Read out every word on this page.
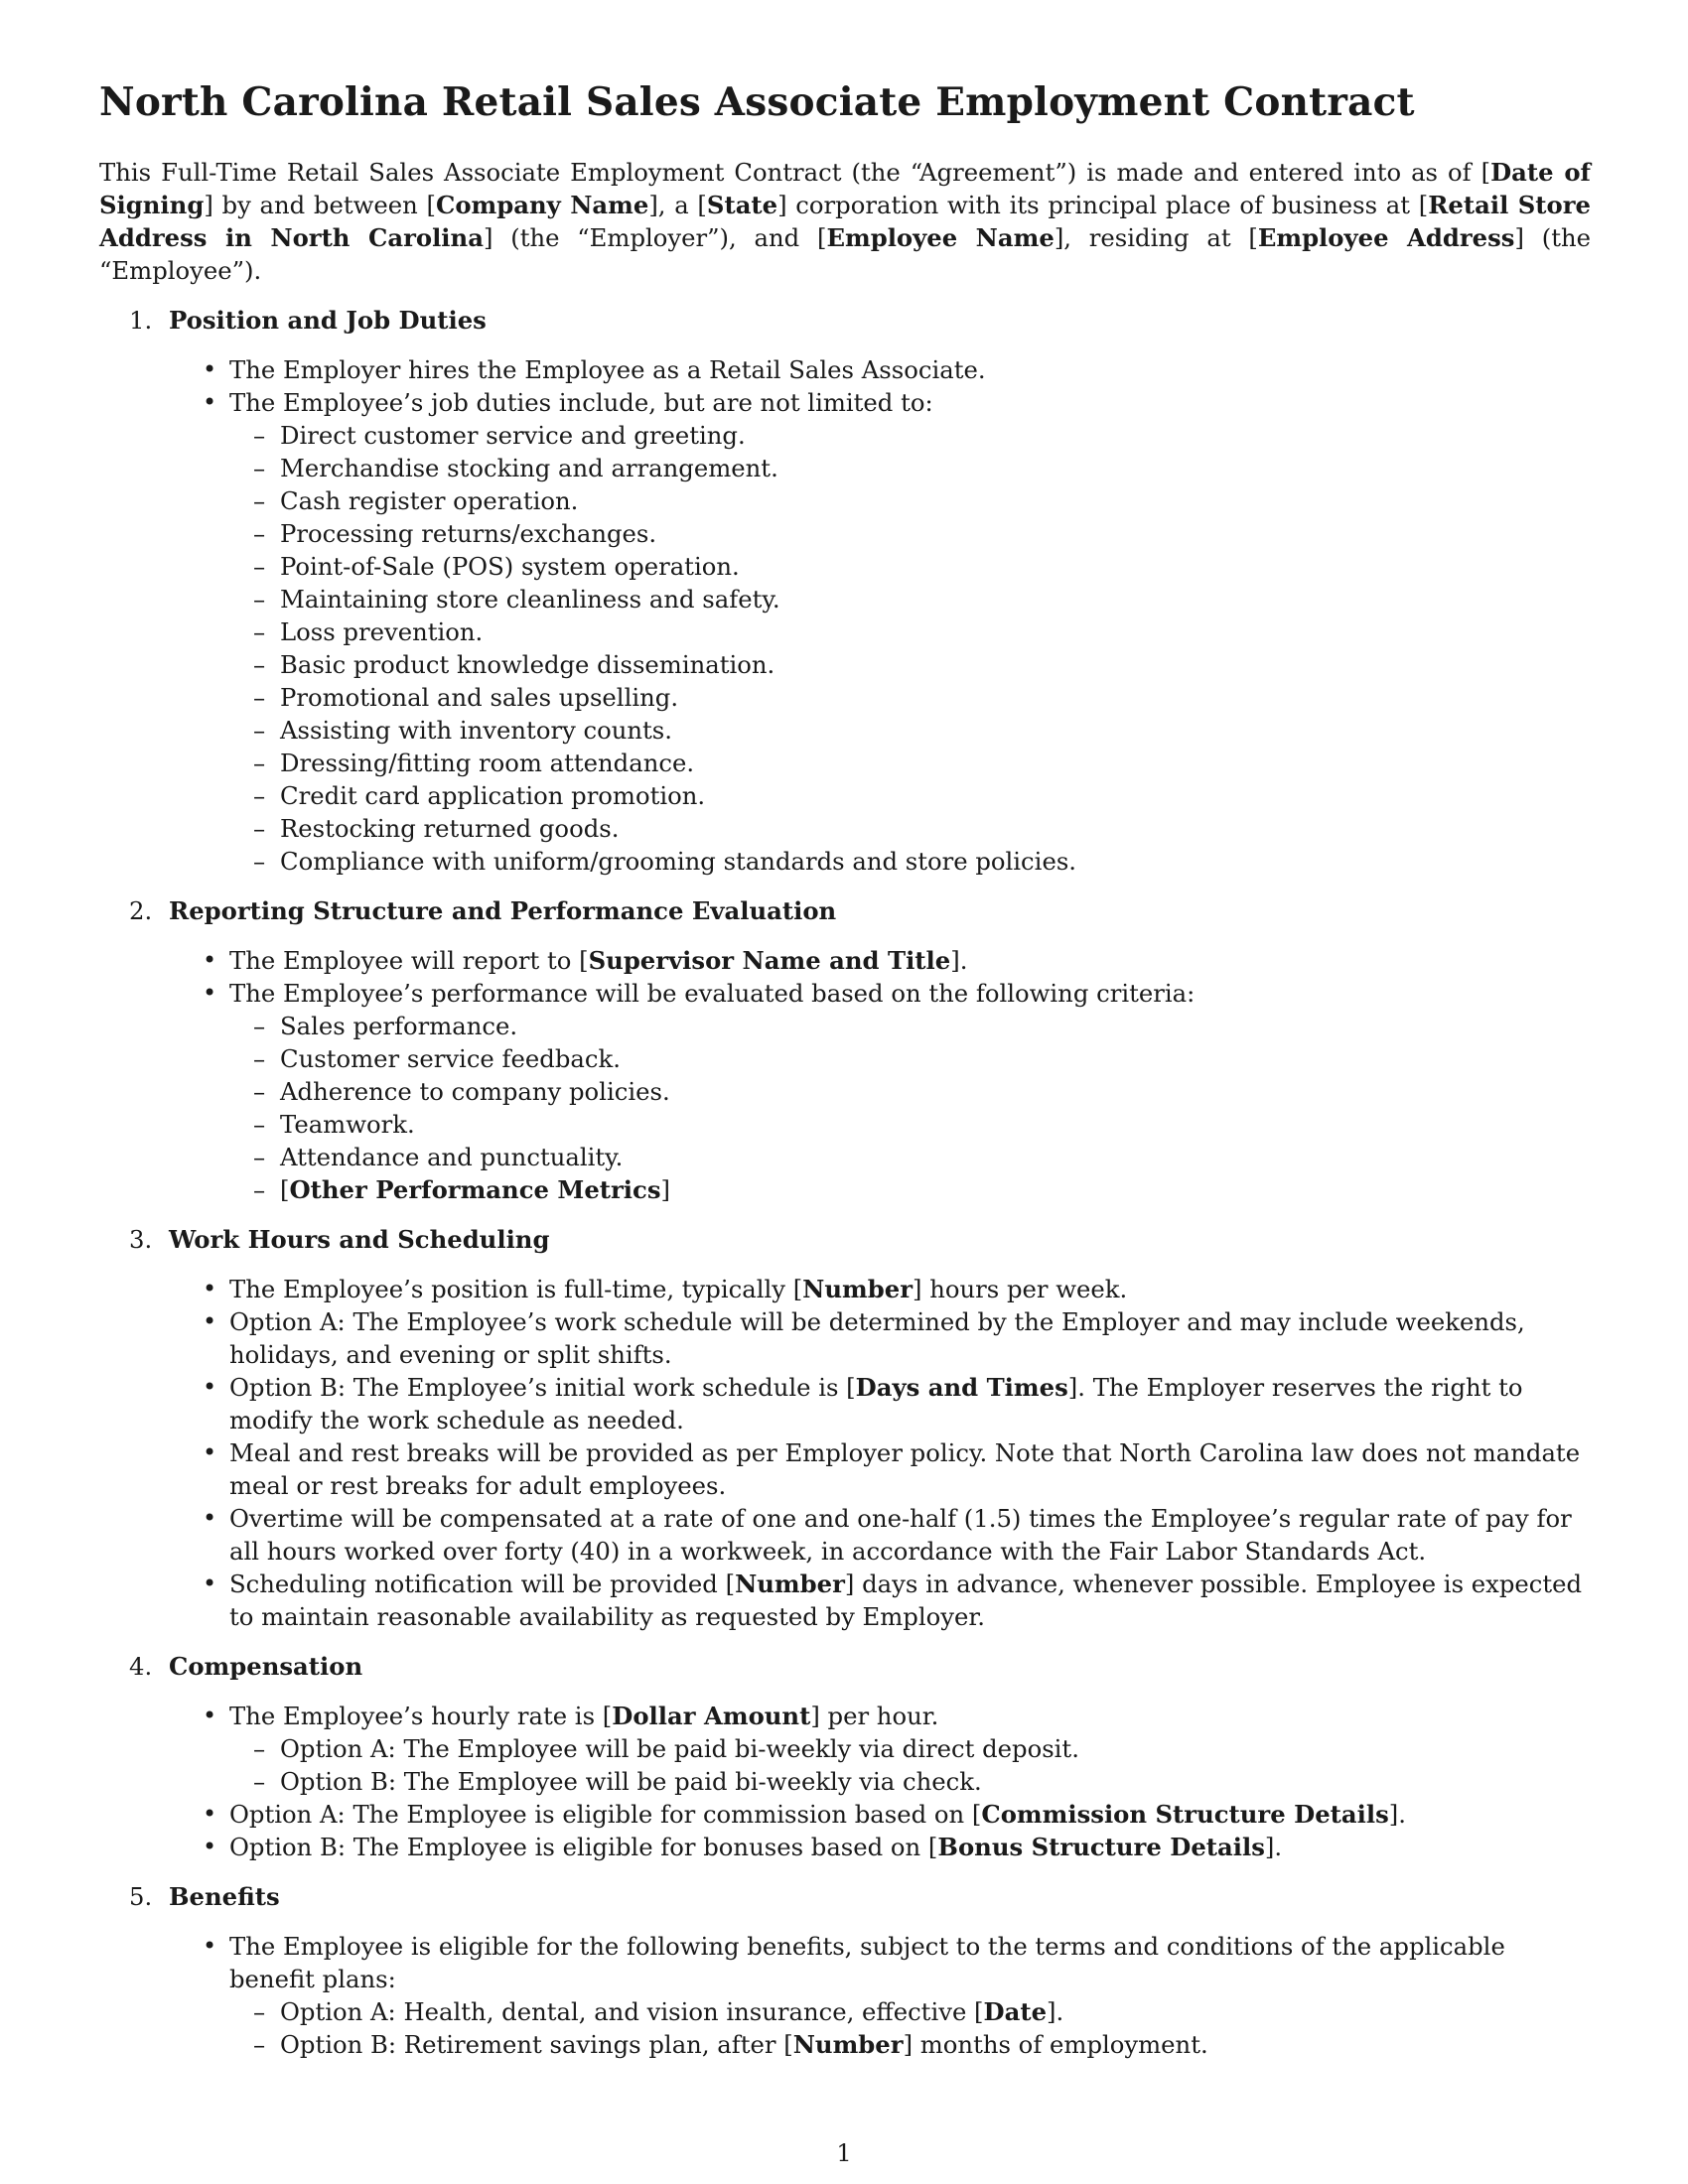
North Carolina Retail Sales Associate Employment Contract

This Full-Time Retail Sales Associate Employment Contract (the “Agreement”) is made and entered into as of [Date of Signing] by and between [Company Name], a [State] corporation with its principal place of business at [Retail Store Address in North Carolina] (the “Employer”), and [Employee Name], residing at [Employee Address] (the “Employee”).

1. Position and Job Duties
• The Employer hires the Employee as a Retail Sales Associate.
• The Employee’s job duties include, but are not limited to:
– Direct customer service and greeting.
– Merchandise stocking and arrangement.
– Cash register operation.
– Processing returns/exchanges.
– Point-of-Sale (POS) system operation.
– Maintaining store cleanliness and safety.
– Loss prevention.
– Basic product knowledge dissemination.
– Promotional and sales upselling.
– Assisting with inventory counts.
– Dressing/fitting room attendance.
– Credit card application promotion.
– Restocking returned goods.
– Compliance with uniform/grooming standards and store policies.
2. Reporting Structure and Performance Evaluation
• The Employee will report to [Supervisor Name and Title].
• The Employee’s performance will be evaluated based on the following criteria:
– Sales performance.
– Customer service feedback.
– Adherence to company policies.
– Teamwork.
– Attendance and punctuality.
– [Other Performance Metrics]
3. Work Hours and Scheduling
• The Employee’s position is full-time, typically [Number] hours per week.
• Option A: The Employee’s work schedule will be determined by the Employer and may include weekends, holidays, and evening or split shifts.
• Option B: The Employee’s initial work schedule is [Days and Times]. The Employer reserves the right to modify the work schedule as needed.
• Meal and rest breaks will be provided as per Employer policy. Note that North Carolina law does not mandate meal or rest breaks for adult employees.
• Overtime will be compensated at a rate of one and one-half (1.5) times the Employee’s regular rate of pay for all hours worked over forty (40) in a workweek, in accordance with the Fair Labor Standards Act.
• Scheduling notification will be provided [Number] days in advance, whenever possible. Employee is expected to maintain reasonable availability as requested by Employer.
4. Compensation
• The Employee’s hourly rate is [Dollar Amount] per hour.
– Option A: The Employee will be paid bi-weekly via direct deposit.
– Option B: The Employee will be paid bi-weekly via check.
• Option A: The Employee is eligible for commission based on [Commission Structure Details].
• Option B: The Employee is eligible for bonuses based on [Bonus Structure Details].
5. Benefits
• The Employee is eligible for the following benefits, subject to the terms and conditions of the applicable benefit plans:
– Option A: Health, dental, and vision insurance, effective [Date].
– Option B: Retirement savings plan, after [Number] months of employment.
1
